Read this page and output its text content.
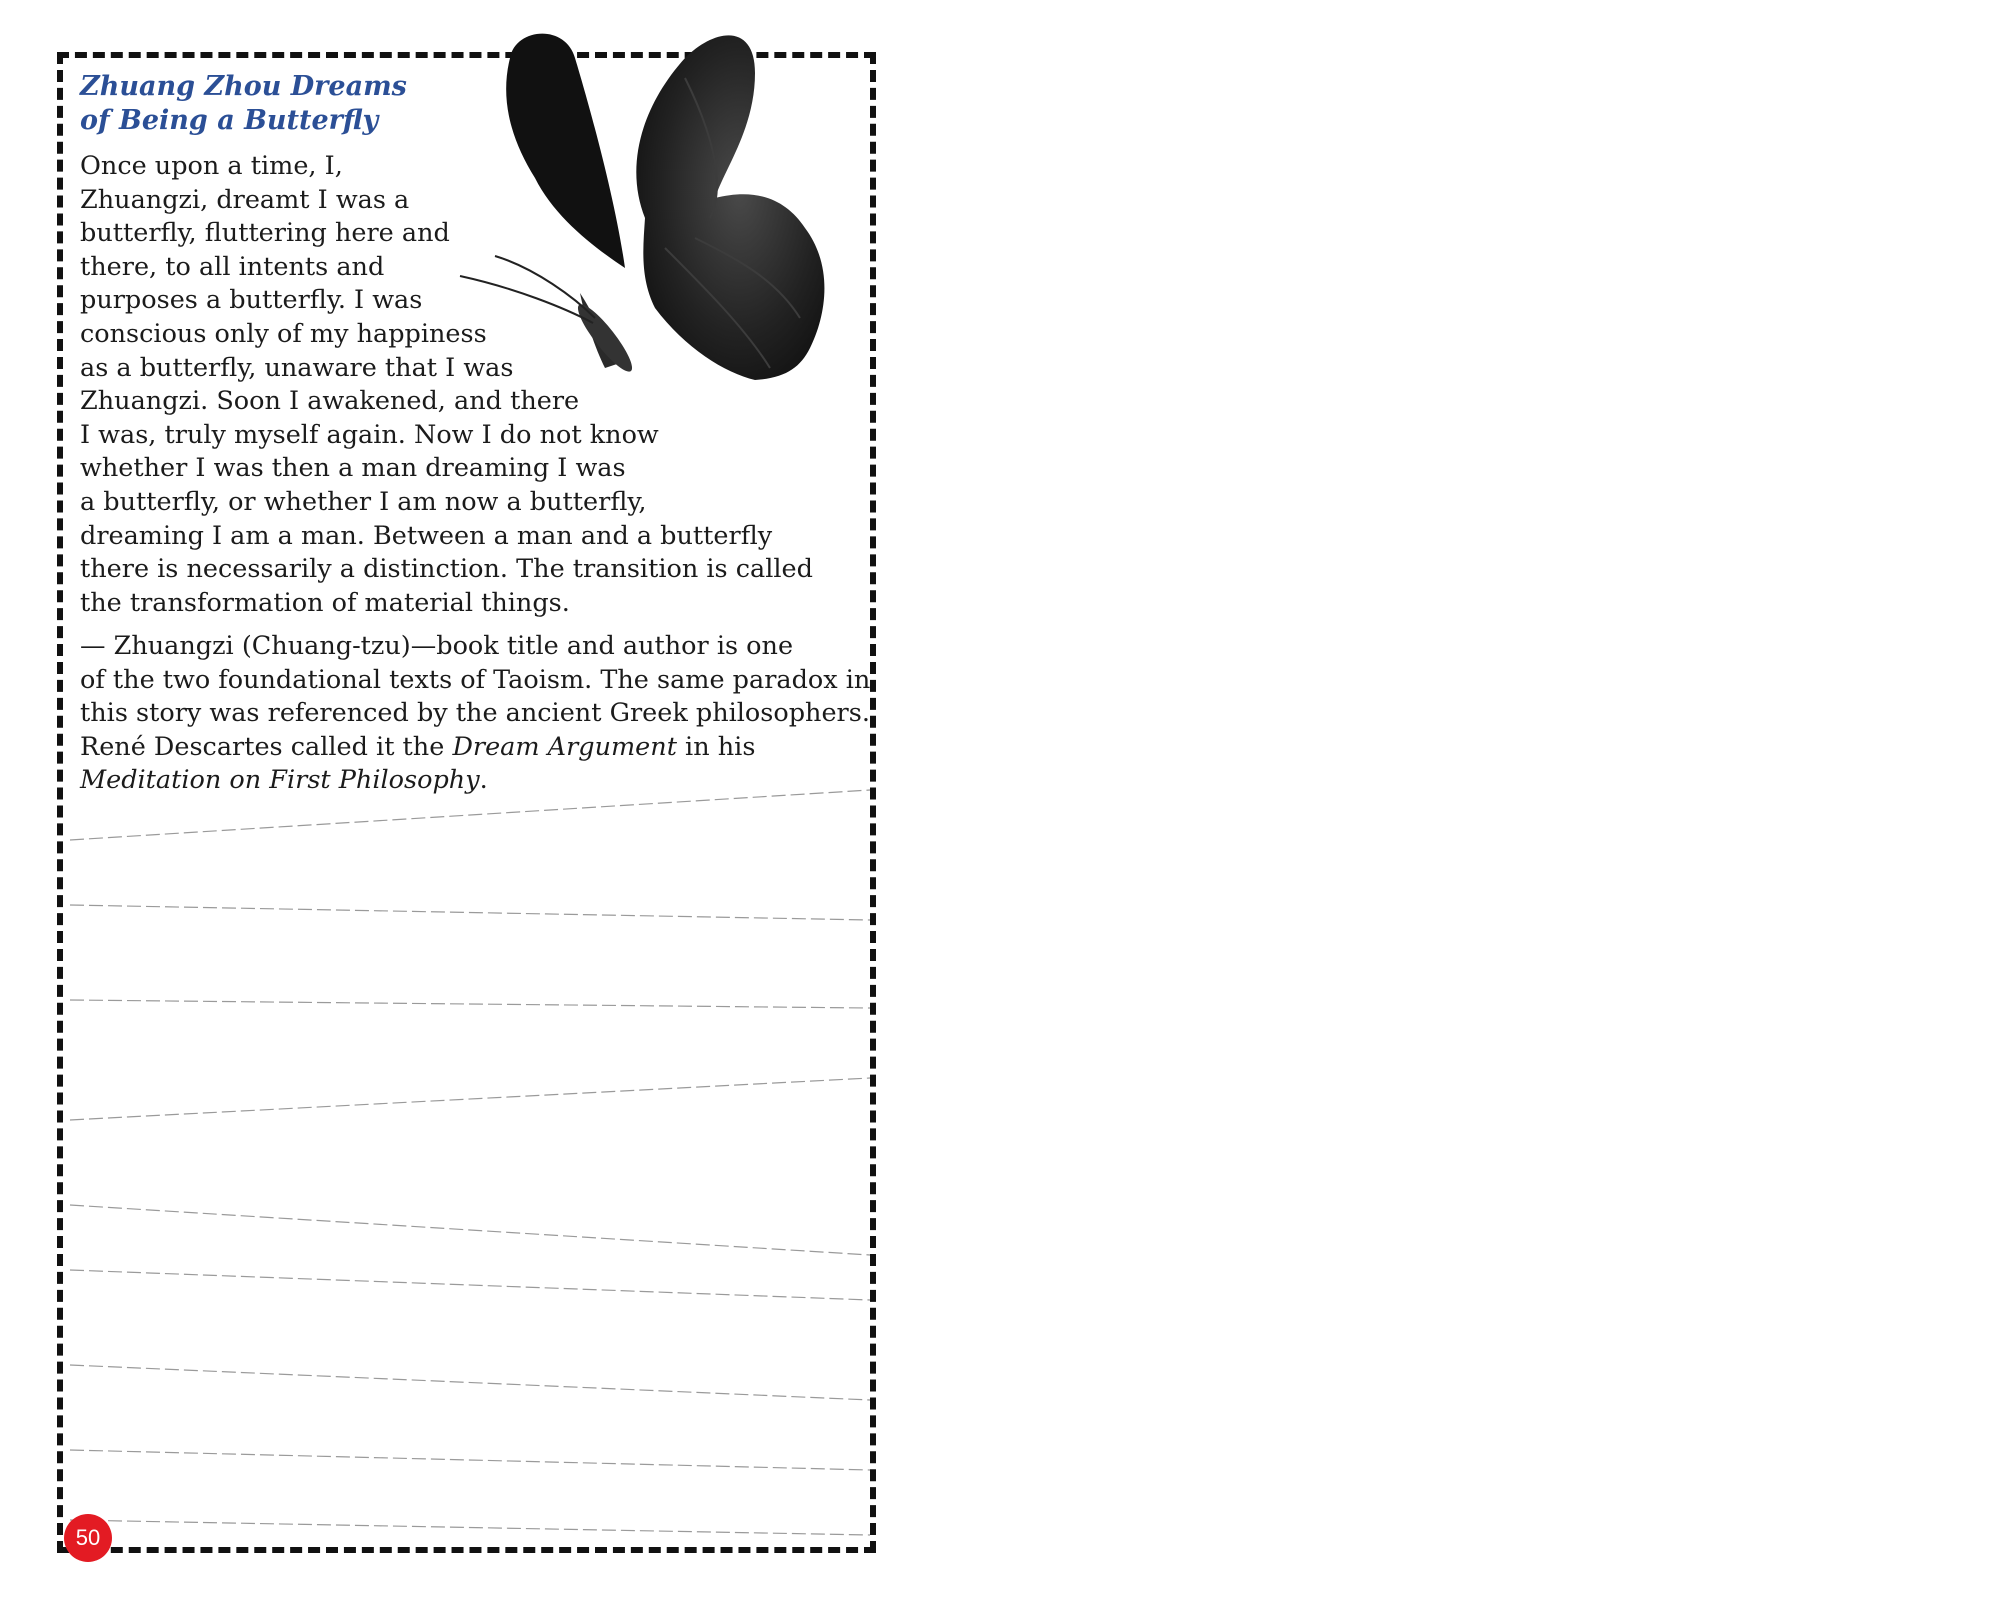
Zhuang Zhou Dreams
of Being a Butterfly
Once upon a time, I,
Zhuangzi, dreamt I was a
butterfly, fluttering here and
there, to all intents and
purposes a butterfly. I was
conscious only of my happiness
as a butterfly, unaware that I was
Zhuangzi. Soon I awakened, and there
I was, truly myself again. Now I do not know
whether I was then a man dreaming I was
a butterfly, or whether I am now a butterfly,
dreaming I am a man. Between a man and a butterfly
there is necessarily a distinction. The transition is called
the transformation of material things.
— Zhuangzi (Chuang-tzu)—book title and author is one
of the two foundational texts of Taoism. The same paradox in
this story was referenced by the ancient Greek philosophers.
René Descartes called it the Dream Argument in his
Meditation on First Philosophy.
50
